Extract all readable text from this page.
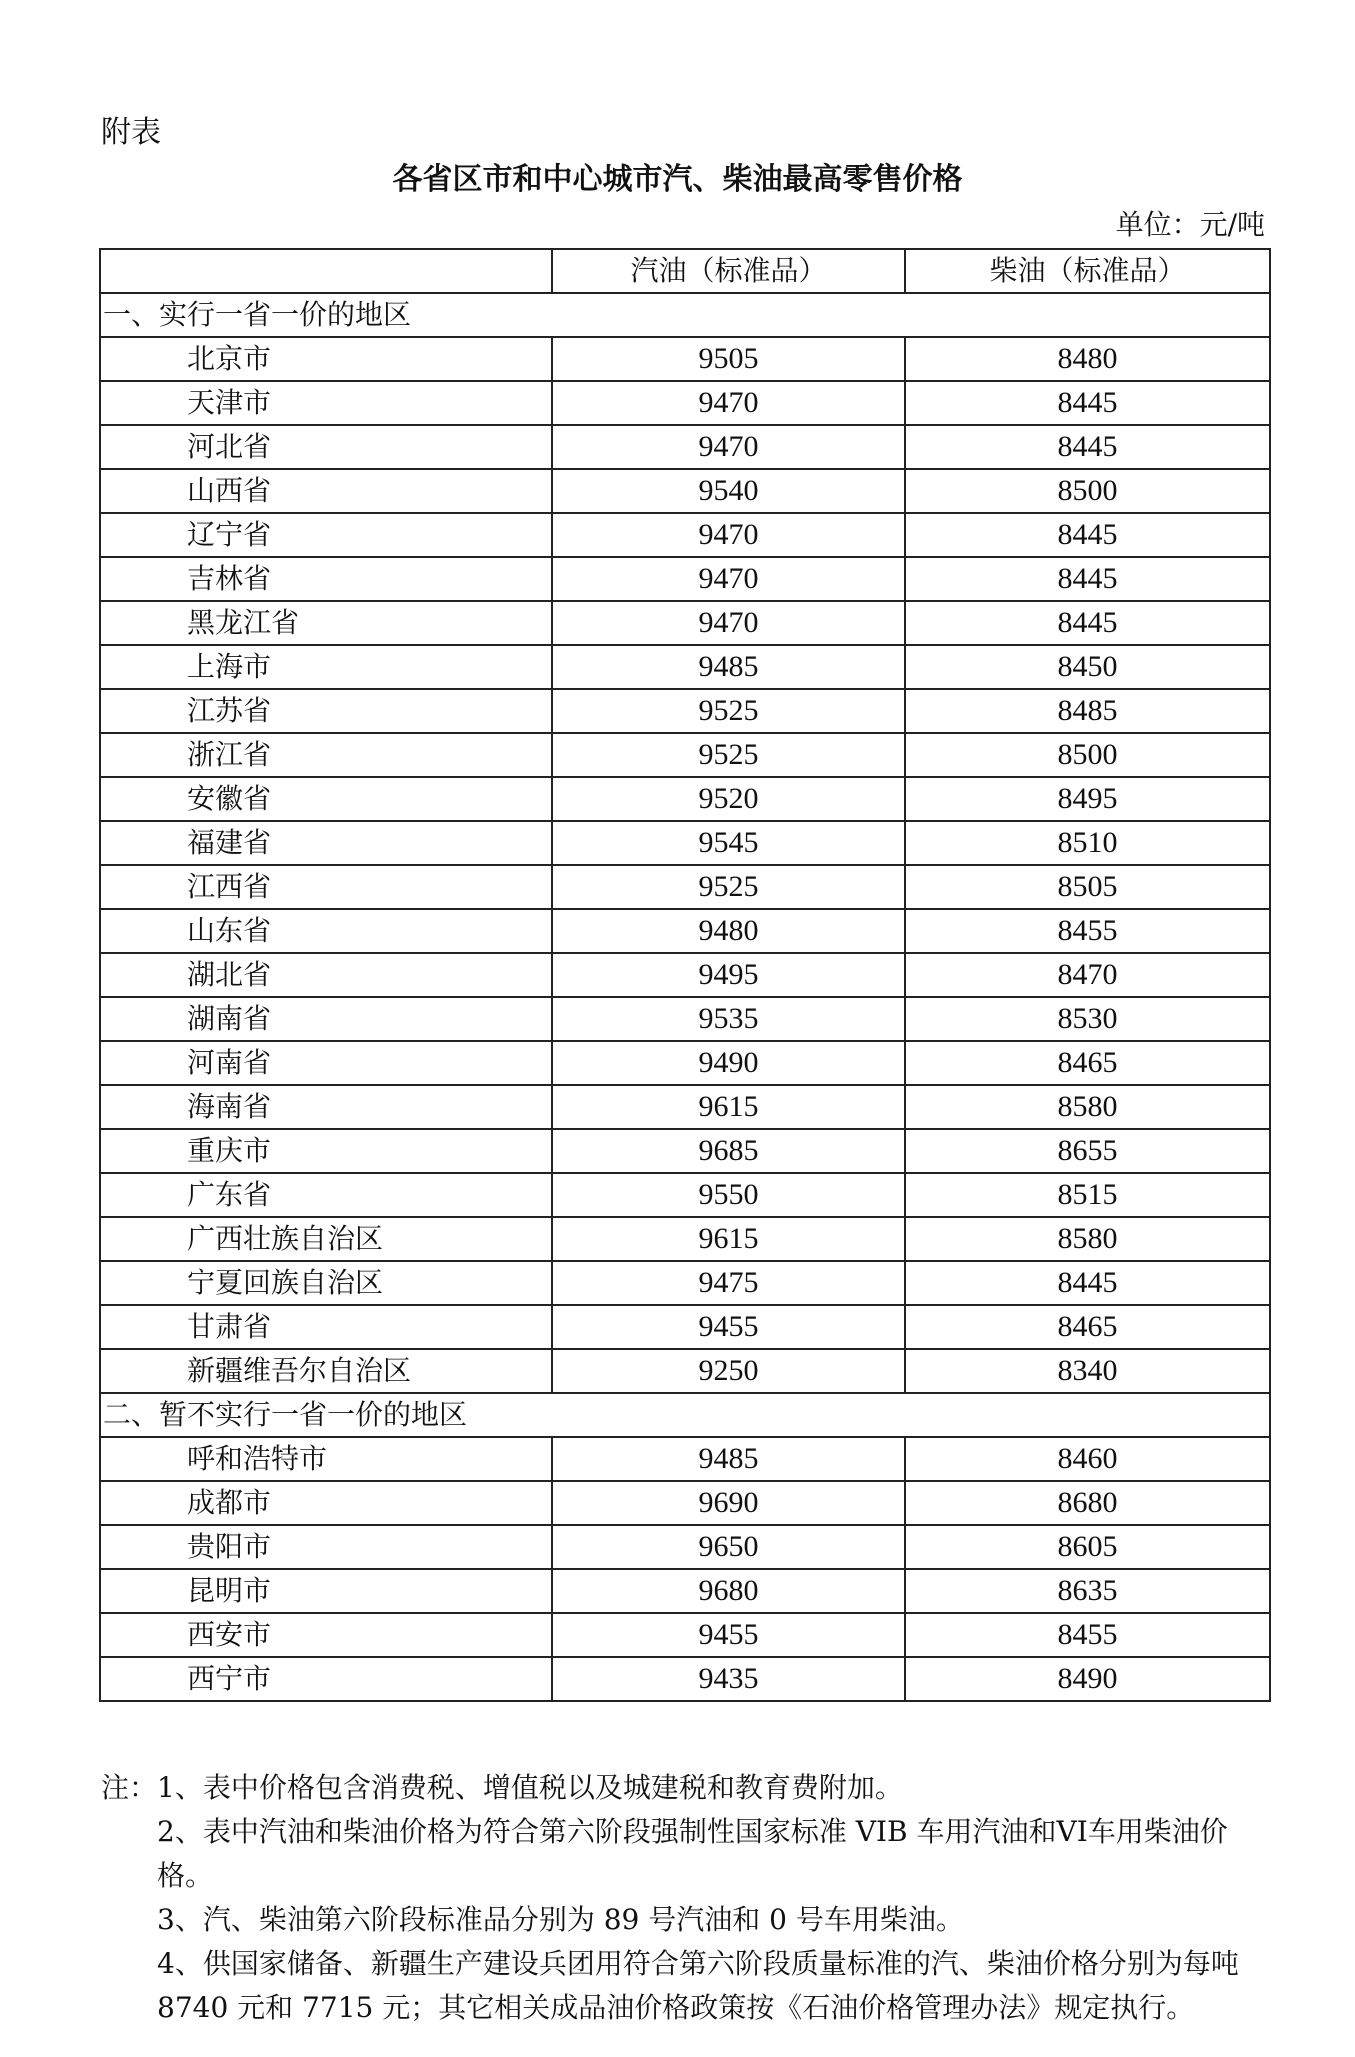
附表
各省区市和中心城市汽、柴油最高零售价格
单位：元/吨
	汽油（标准品）	柴油（标准品）
一、实行一省一价的地区		
北京市	9505	8480
天津市	9470	8445
河北省	9470	8445
山西省	9540	8500
辽宁省	9470	8445
吉林省	9470	8445
黑龙江省	9470	8445
上海市	9485	8450
江苏省	9525	8485
浙江省	9525	8500
安徽省	9520	8495
福建省	9545	8510
江西省	9525	8505
山东省	9480	8455
湖北省	9495	8470
湖南省	9535	8530
河南省	9490	8465
海南省	9615	8580
重庆市	9685	8655
广东省	9550	8515
广西壮族自治区	9615	8580
宁夏回族自治区	9475	8445
甘肃省	9455	8465
新疆维吾尔自治区	9250	8340
二、暂不实行一省一价的地区		
呼和浩特市	9485	8460
成都市	9690	8680
贵阳市	9650	8605
昆明市	9680	8635
西安市	9455	8455
西宁市	9435	8490

注：1、表中价格包含消费税、增值税以及城建税和教育费附加。

2、表中汽油和柴油价格为符合第六阶段强制性国家标准 VIB 车用汽油和VI车用柴油价格。

3、汽、柴油第六阶段标准品分别为 89 号汽油和 0 号车用柴油。

4、供国家储备、新疆生产建设兵团用符合第六阶段质量标准的汽、柴油价格分别为每吨 8740 元和 7715 元；其它相关成品油价格政策按《石油价格管理办法》规定执行。
